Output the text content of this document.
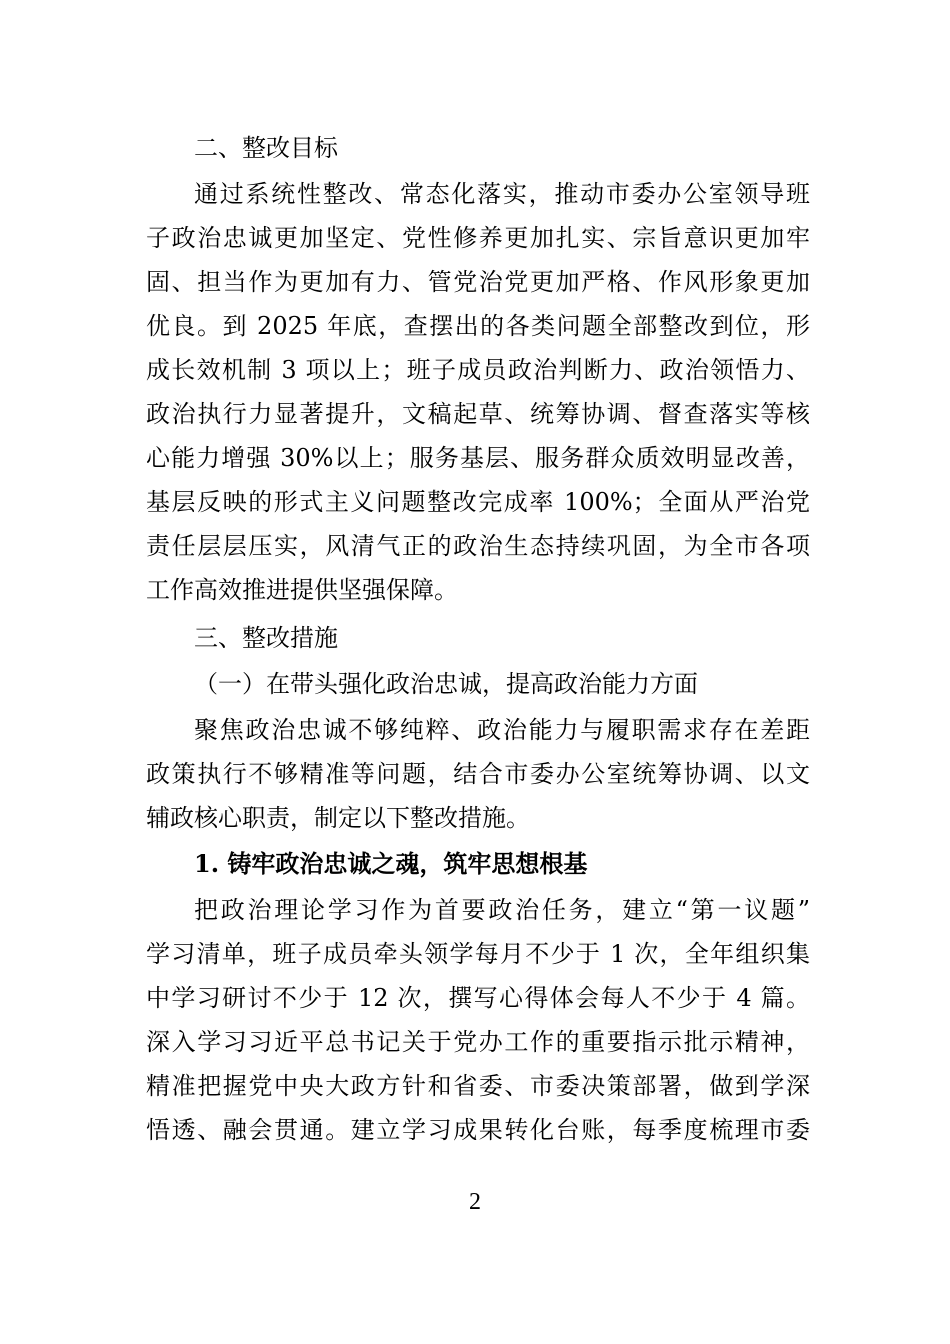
二、整改目标
通过系统性整改、常态化落实，推动市委办公室领导班
子政治忠诚更加坚定、党性修养更加扎实、宗旨意识更加牢
固、担当作为更加有力、管党治党更加严格、作风形象更加
优良。到 2025 年底，查摆出的各类问题全部整改到位，形
成长效机制 3 项以上；班子成员政治判断力、政治领悟力、
政治执行力显著提升，文稿起草、统筹协调、督查落实等核
心能力增强 30%以上；服务基层、服务群众质效明显改善，
基层反映的形式主义问题整改完成率 100%；全面从严治党
责任层层压实，风清气正的政治生态持续巩固，为全市各项
工作高效推进提供坚强保障。
三、整改措施
（一）在带头强化政治忠诚，提高政治能力方面
聚焦政治忠诚不够纯粹、政治能力与履职需求存在差距
政策执行不够精准等问题，结合市委办公室统筹协调、以文
辅政核心职责，制定以下整改措施。
1. 铸牢政治忠诚之魂，筑牢思想根基
把政治理论学习作为首要政治任务，建立“第一议题”
学习清单，班子成员牵头领学每月不少于 1 次，全年组织集
中学习研讨不少于 12 次，撰写心得体会每人不少于 4 篇。
深入学习习近平总书记关于党办工作的重要指示批示精神，
精准把握党中央大政方针和省委、市委决策部署，做到学深
悟透、融会贯通。建立学习成果转化台账，每季度梳理市委
2
